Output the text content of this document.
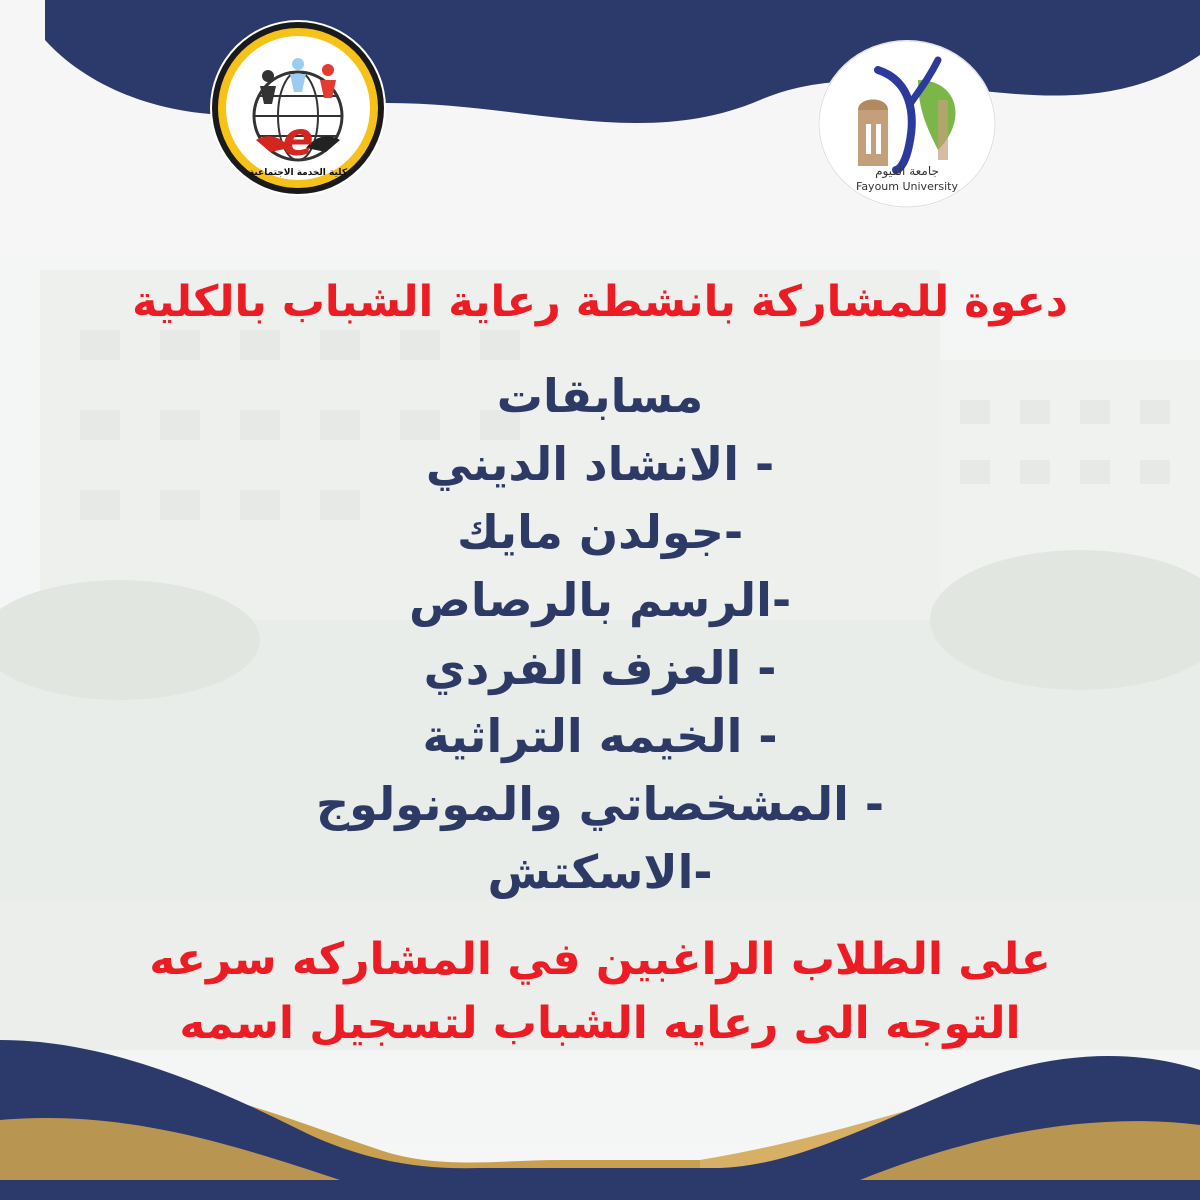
e
كلية الخدمة الاجتماعية	جامعة الفيوم
Fayoum University
دعوة للمشاركة بانشطة رعاية الشباب بالكلية
مسابقات
- الانشاد الديني
-جولدن مايك
-الرسم بالرصاص
- العزف الفردي
- الخيمه التراثية
- المشخصاتي والمونولوج
-الاسكتش
على الطلاب الراغبين في المشاركه سرعه
التوجه الى رعايه الشباب لتسجيل اسمه
